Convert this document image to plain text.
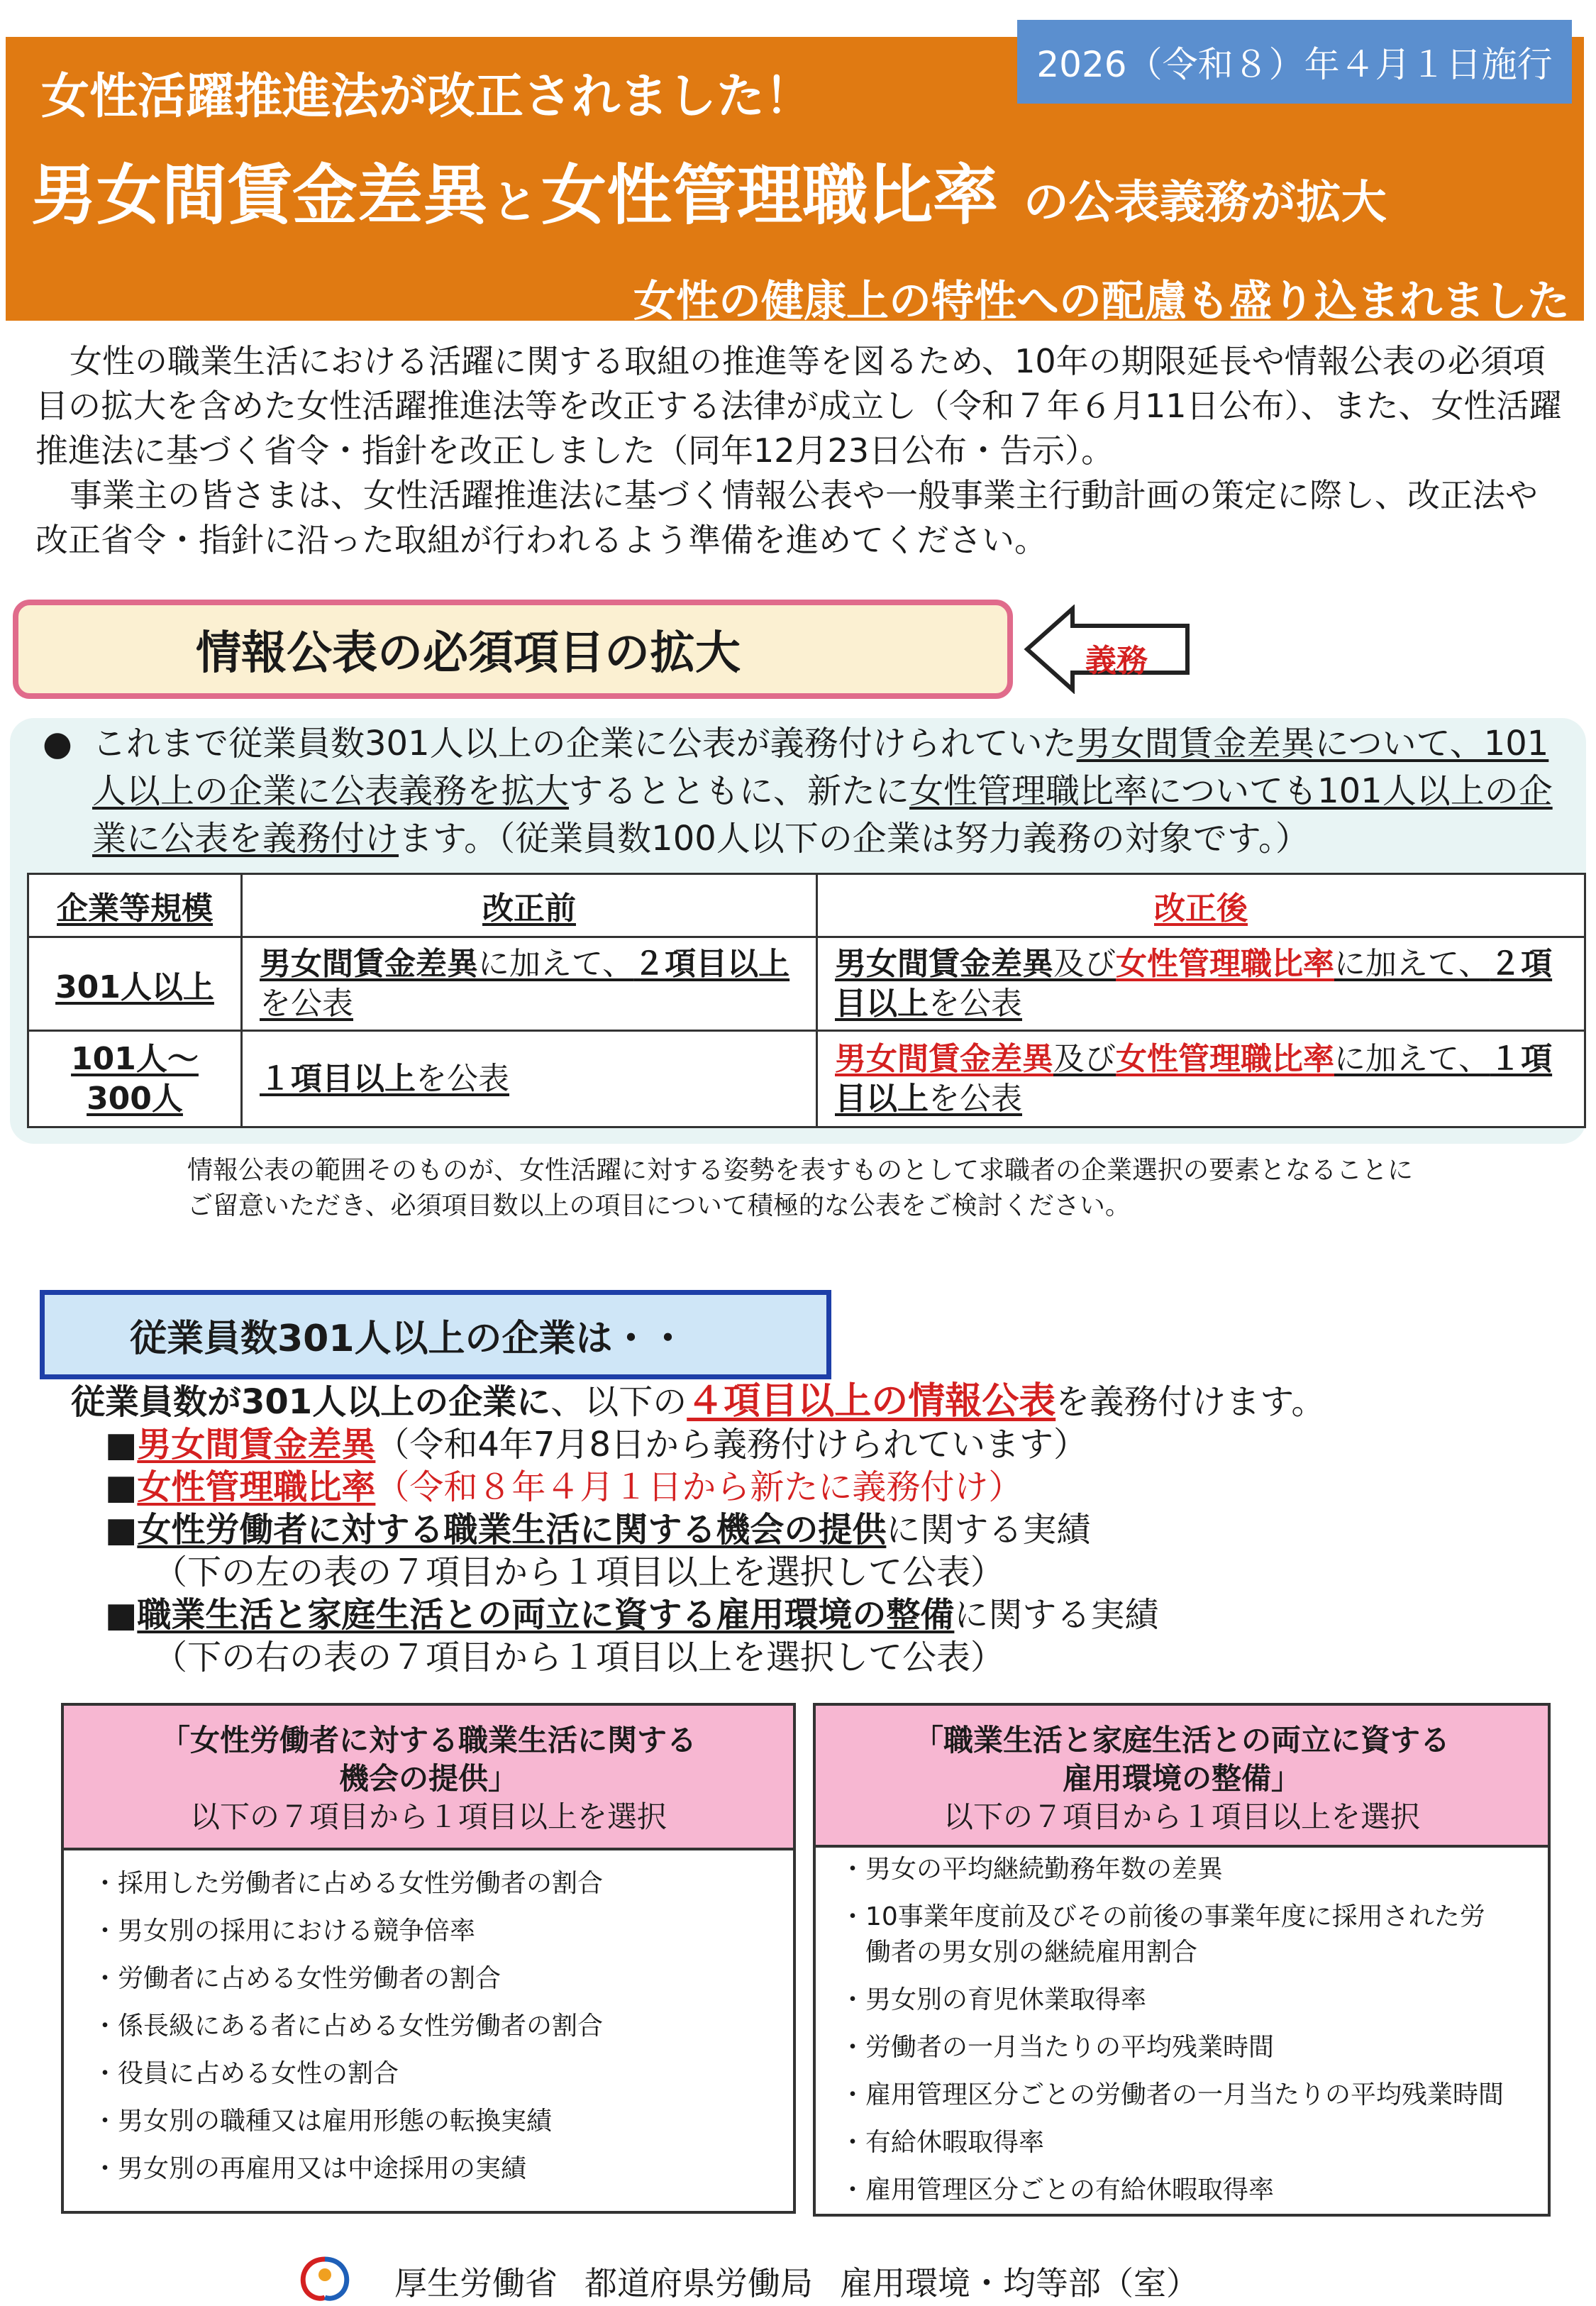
女性活躍推進法が改正されました！
男女間賃金差異 と 女性管理職比率 の公表義務が拡大
女性の健康上の特性への配慮も盛り込まれました
2026（令和８）年４月１日施行

女性の職業生活における活躍に関する取組の推進等を図るため、10年の期限延長や情報公表の必須項目の拡大を含めた女性活躍推進法等を改正する法律が成立し（令和７年６月11日公布）、また、女性活躍推進法に基づく省令・指針を改正しました（同年12月23日公布・告示）。

事業主の皆さまは、女性活躍推進法に基づく情報公表や一般事業主行動計画の策定に際し、改正法や改正省令・指針に沿った取組が行われるよう準備を進めてください。

情報公表の必須項目の拡大	義務
● これまで従業員数301人以上の企業に公表が義務付けられていた男女間賃金差異について、101人以上の企業に公表義務を拡大するとともに、新たに女性管理職比率についても101人以上の企業に公表を義務付けます。（従業員数100人以下の企業は努力義務の対象です。）
企業等規模	改正前	改正後
301人以上	男女間賃金差異に加えて、２項目以上を公表	男女間賃金差異及び女性管理職比率に加えて、２項目以上を公表
101人～
300人	１項目以上を公表	男女間賃金差異及び女性管理職比率に加えて、１項目以上を公表
情報公表の範囲そのものが、女性活躍に対する姿勢を表すものとして求職者の企業選択の要素となることに
ご留意いただき、必須項目数以上の項目について積極的な公表をご検討ください。
従業員数301人以上の企業は・・
従業員数が301人以上の企業に、以下の４項目以上の情報公表を義務付けます。
■男女間賃金差異（令和4年7月8日から義務付けられています）
■女性管理職比率（令和８年４月１日から新たに義務付け）
■女性労働者に対する職業生活に関する機会の提供に関する実績
（下の左の表の７項目から１項目以上を選択して公表）
■職業生活と家庭生活との両立に資する雇用環境の整備に関する実績
（下の右の表の７項目から１項目以上を選択して公表）
「女性労働者に対する職業生活に関する
機会の提供」
以下の７項目から１項目以上を選択
・採用した労働者に占める女性労働者の割合
・男女別の採用における競争倍率
・労働者に占める女性労働者の割合
・係長級にある者に占める女性労働者の割合
・役員に占める女性の割合
・男女別の職種又は雇用形態の転換実績
・男女別の再雇用又は中途採用の実績
「職業生活と家庭生活との両立に資する
雇用環境の整備」
以下の７項目から１項目以上を選択
・男女の平均継続勤務年数の差異
・10事業年度前及びその前後の事業年度に採用された労
　働者の男女別の継続雇用割合
・男女別の育児休業取得率
・労働者の一月当たりの平均残業時間
・雇用管理区分ごとの労働者の一月当たりの平均残業時間
・有給休暇取得率
・雇用管理区分ごとの有給休暇取得率
厚生労働省 都道府県労働局 雇用環境・均等部（室）
